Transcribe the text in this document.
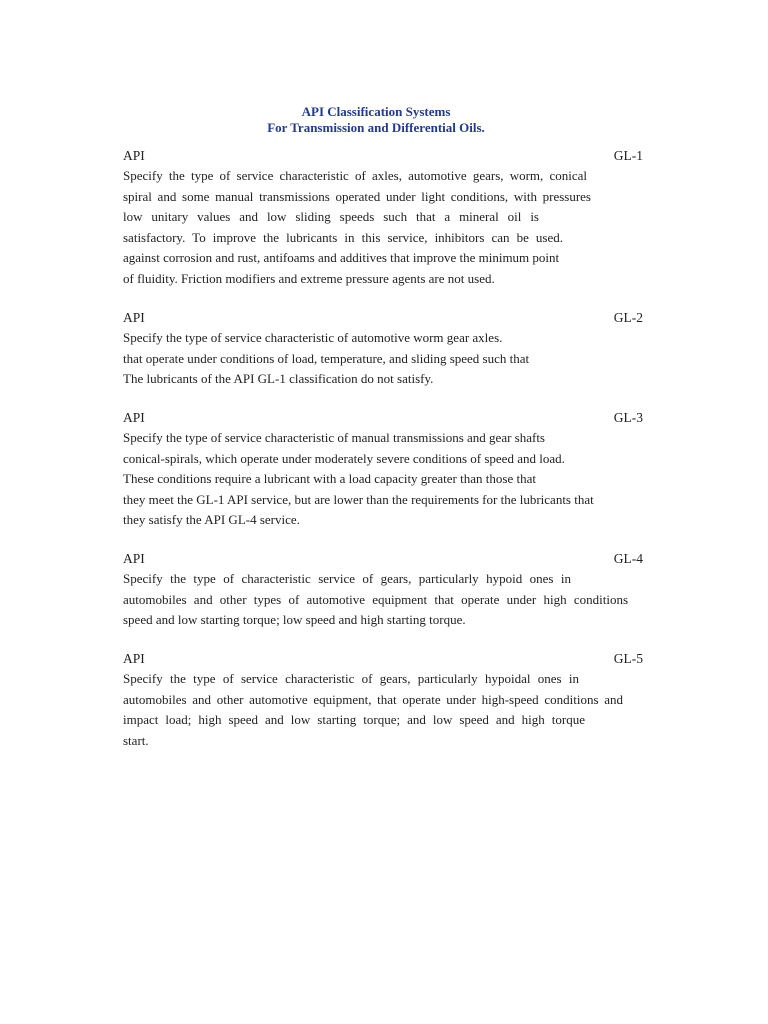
API Classification Systems
For Transmission and Differential Oils.
API	GL-1
Specify the type of service characteristic of axles, automotive gears, worm, conical
spiral and some manual transmissions operated under light conditions, with pressures
low unitary values and low sliding speeds such that a mineral oil is
satisfactory. To improve the lubricants in this service, inhibitors can be used.
against corrosion and rust, antifoams and additives that improve the minimum point
of fluidity. Friction modifiers and extreme pressure agents are not used.
API	GL-2
Specify the type of service characteristic of automotive worm gear axles.
that operate under conditions of load, temperature, and sliding speed such that
The lubricants of the API GL-1 classification do not satisfy.
API	GL-3
Specify the type of service characteristic of manual transmissions and gear shafts
conical-spirals, which operate under moderately severe conditions of speed and load.
These conditions require a lubricant with a load capacity greater than those that
they meet the GL-1 API service, but are lower than the requirements for the lubricants that
they satisfy the API GL-4 service.
API	GL-4
Specify the type of characteristic service of gears, particularly hypoid ones in
automobiles and other types of automotive equipment that operate under high conditions
speed and low starting torque; low speed and high starting torque.
API	GL-5
Specify the type of service characteristic of gears, particularly hypoidal ones in
automobiles and other automotive equipment, that operate under high-speed conditions and
impact load; high speed and low starting torque; and low speed and high torque
start.
